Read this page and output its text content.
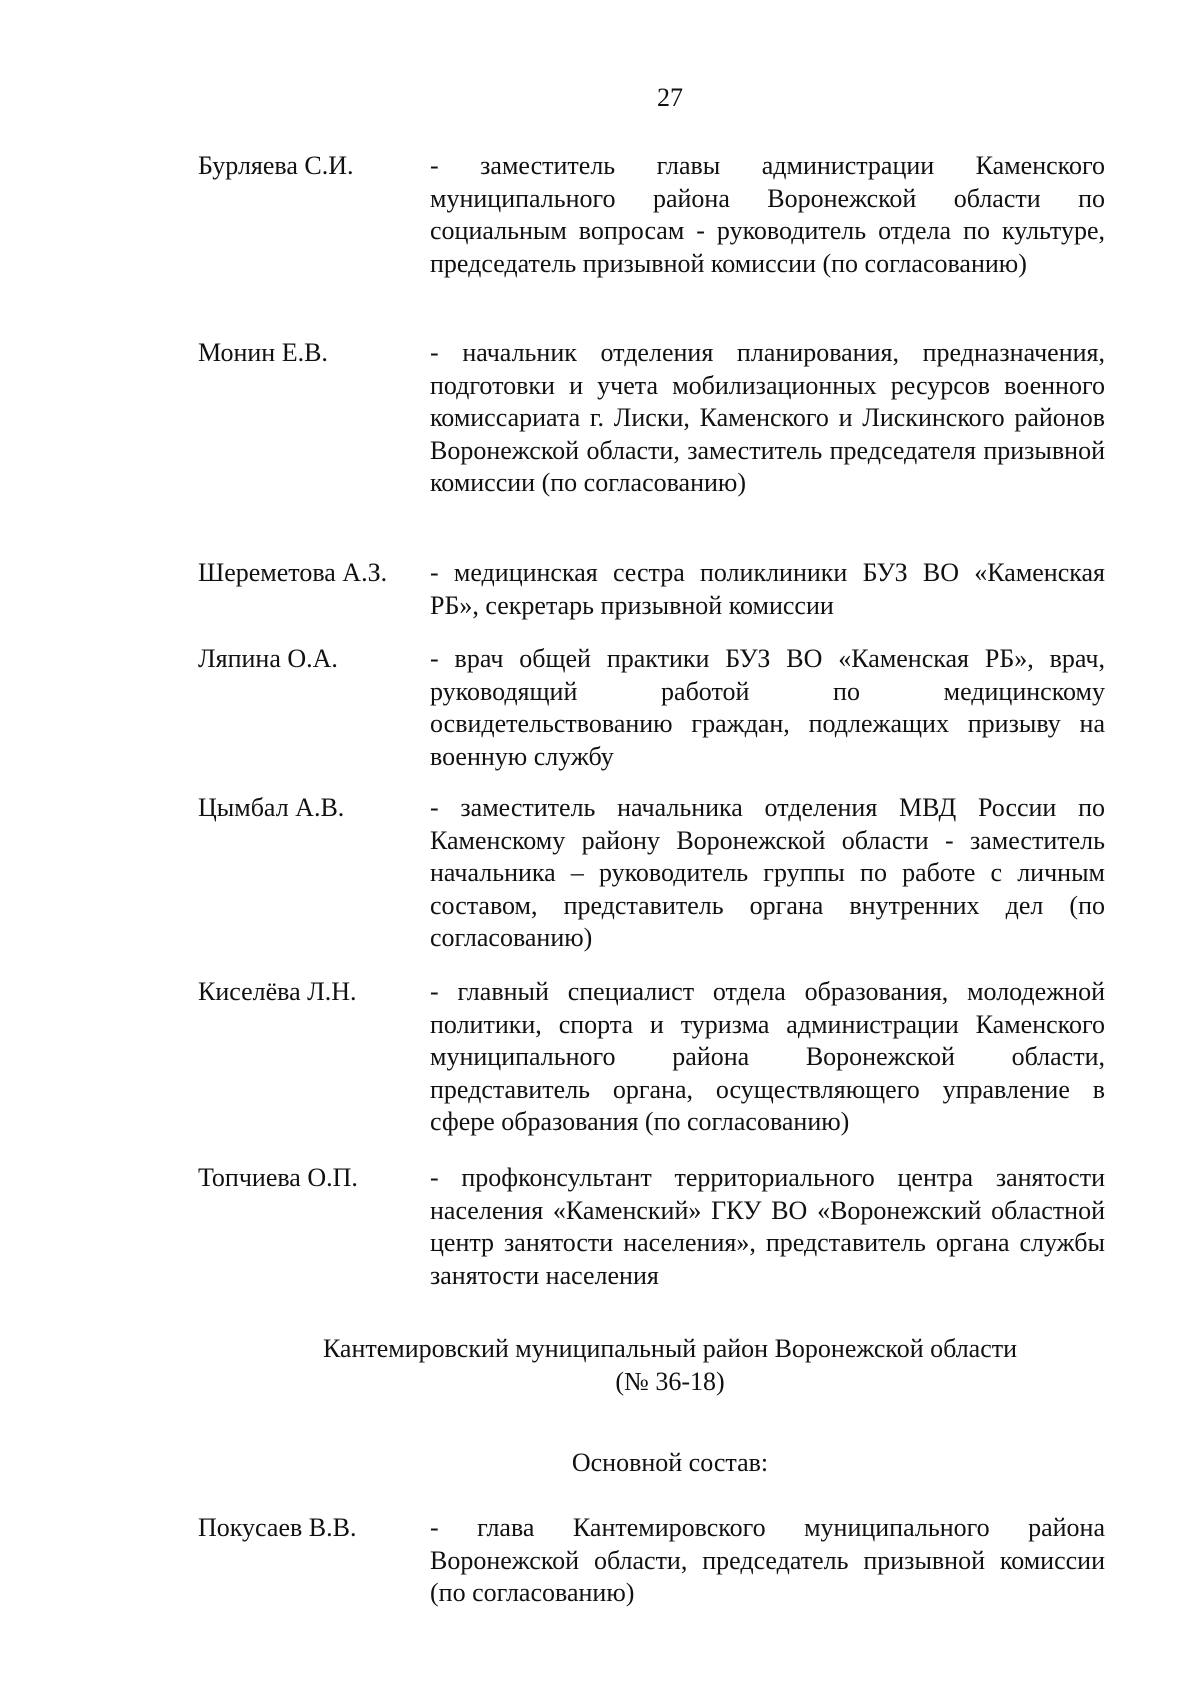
27
Бурляева С.И.	- заместитель главы администрации Каменского муниципального района Воронежской области по социальным вопросам - руководитель отдела по культуре, председатель призывной комиссии (по согласованию)
Монин Е.В.	- начальник отделения планирования, предназначения, подготовки и учета мобилизационных ресурсов военного комиссариата г. Лиски, Каменского и Лискинского районов Воронежской области, заместитель председателя призывной комиссии (по согласованию)
Шереметова А.З.	- медицинская сестра поликлиники БУЗ ВО «Каменская РБ», секретарь призывной комиссии
Ляпина О.А.	- врач общей практики БУЗ ВО «Каменская РБ», врач, руководящий работой по медицинскому освидетельствованию граждан, подлежащих призыву на военную службу
Цымбал А.В.	- заместитель начальника отделения МВД России по Каменскому району Воронежской области - заместитель начальника – руководитель группы по работе с личным составом, представитель органа внутренних дел (по согласованию)
Киселёва Л.Н.	- главный специалист отдела образования, молодежной политики, спорта и туризма администрации Каменского муниципального района Воронежской области, представитель органа, осуществляющего управление в сфере образования (по согласованию)
Топчиева О.П.	- профконсультант территориального центра занятости населения «Каменский» ГКУ ВО «Воронежский областной центр занятости населения», представитель органа службы занятости населения
Кантемировский муниципальный район Воронежской области
(№ 36-18)
Основной состав:
Покусаев В.В.	- глава Кантемировского муниципального района Воронежской области, председатель призывной комиссии (по согласованию)
